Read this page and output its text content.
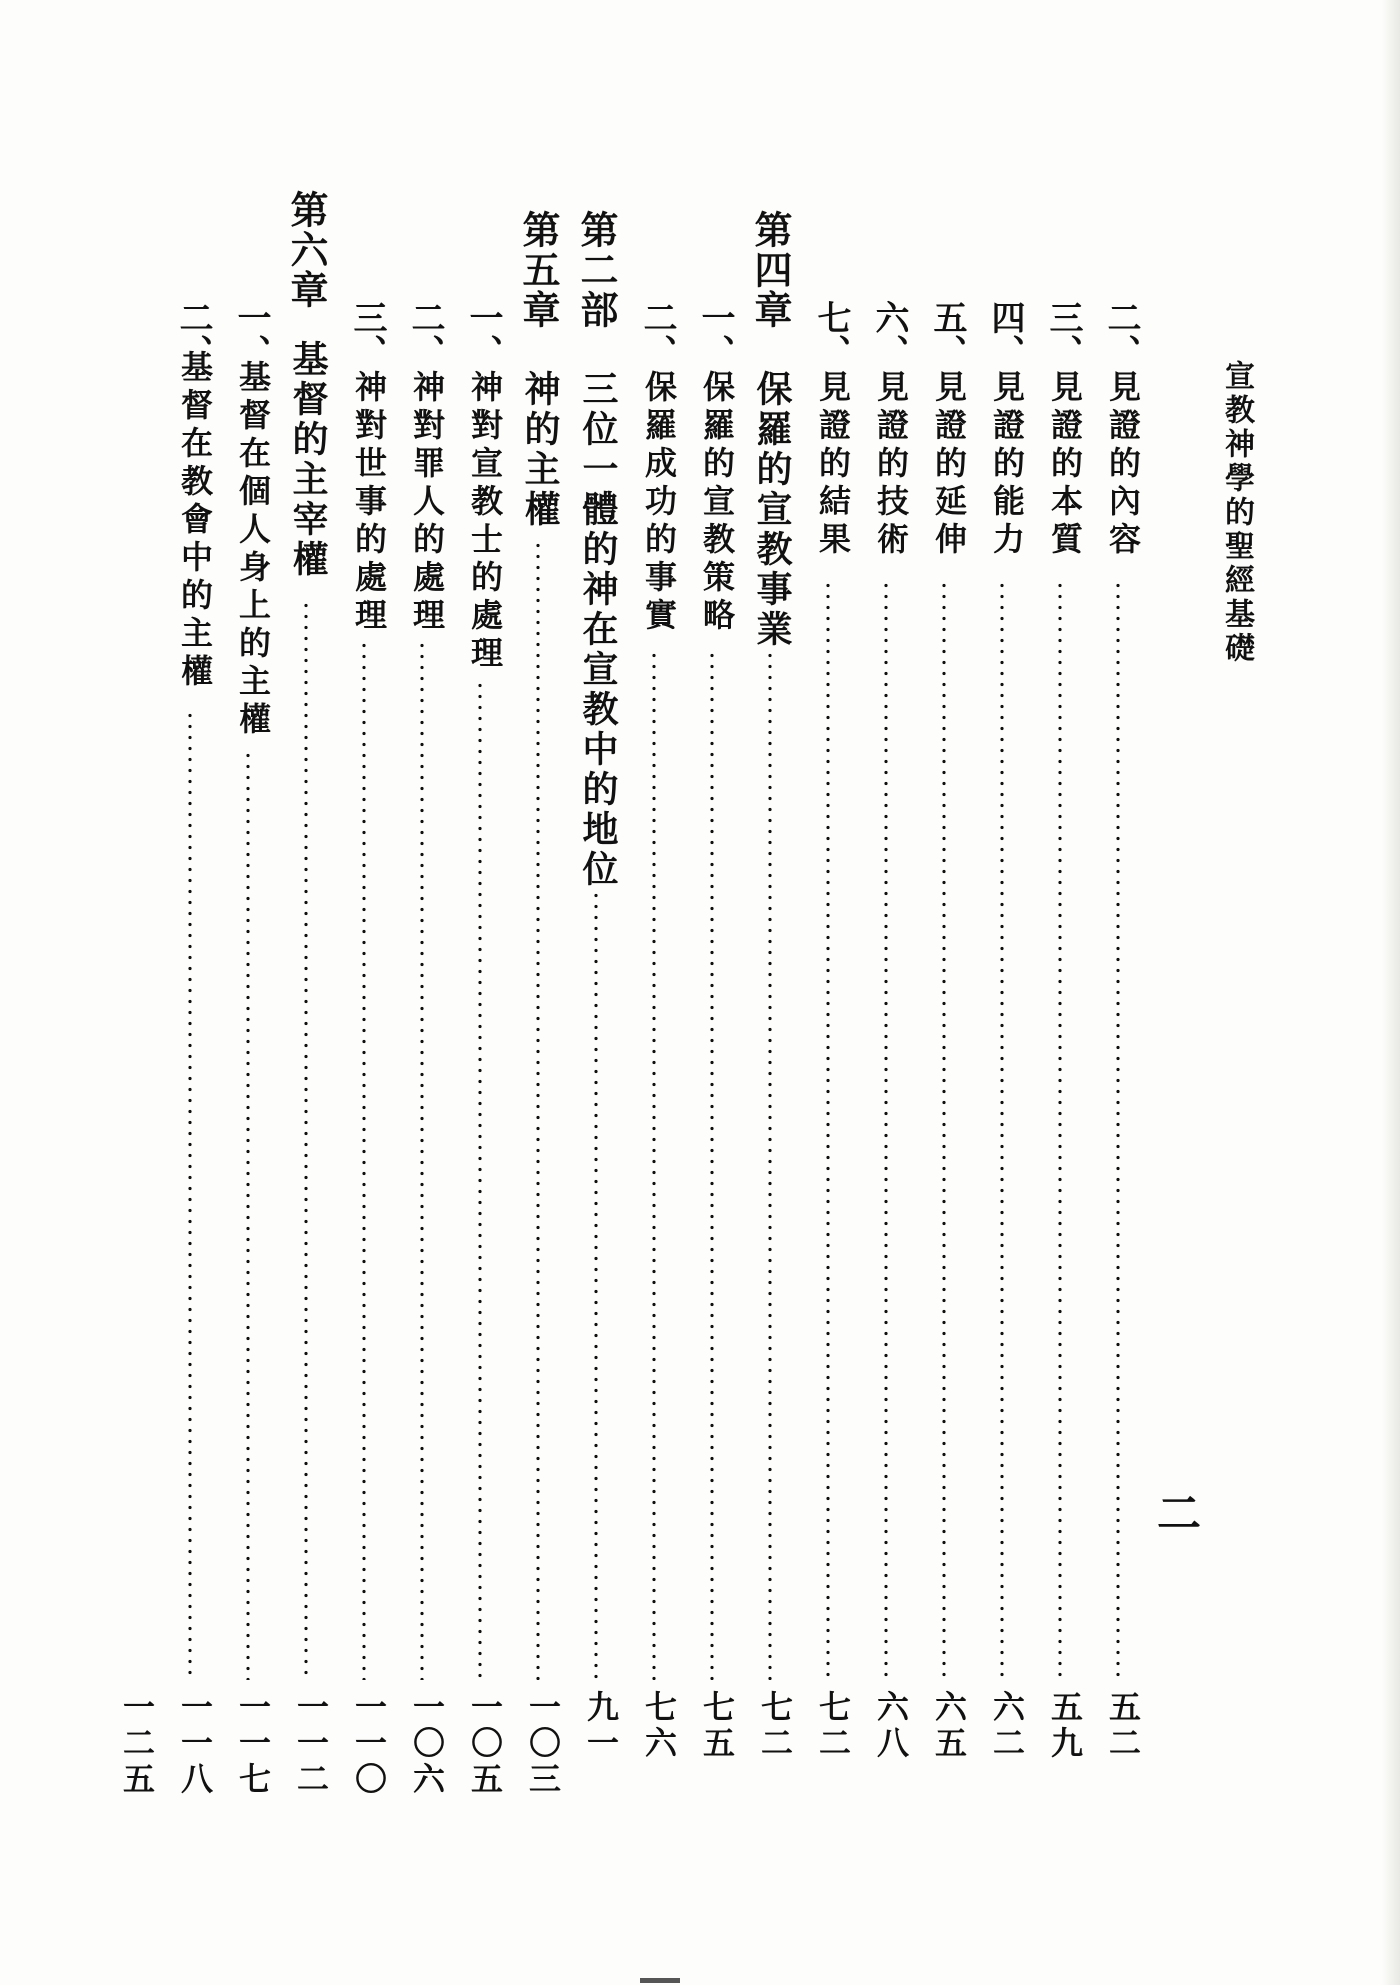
宣教神學的聖經基礎
二
二、
見證的內容
五二
三、
見證的本質
五九
四、
見證的能力
六二
五、
見證的延伸
六五
六、
見證的技術
六八
七、
見證的結果
七二
第四章
保羅的宣教事業
七二
一、
保羅的宣教策略
七五
二、
保羅成功的事實
七六
第二部
三位一體的神在宣教中的地位
九一
第五章
神的主權
一〇三
一、
神對宣教士的處理
一〇五
二、
神對罪人的處理
一〇六
三、
神對世事的處理
一一〇
第六章
基督的主宰權
一一二
一、
基督在個人身上的主權
一一七
二、
基督在教會中的主權
一一八
一二五
